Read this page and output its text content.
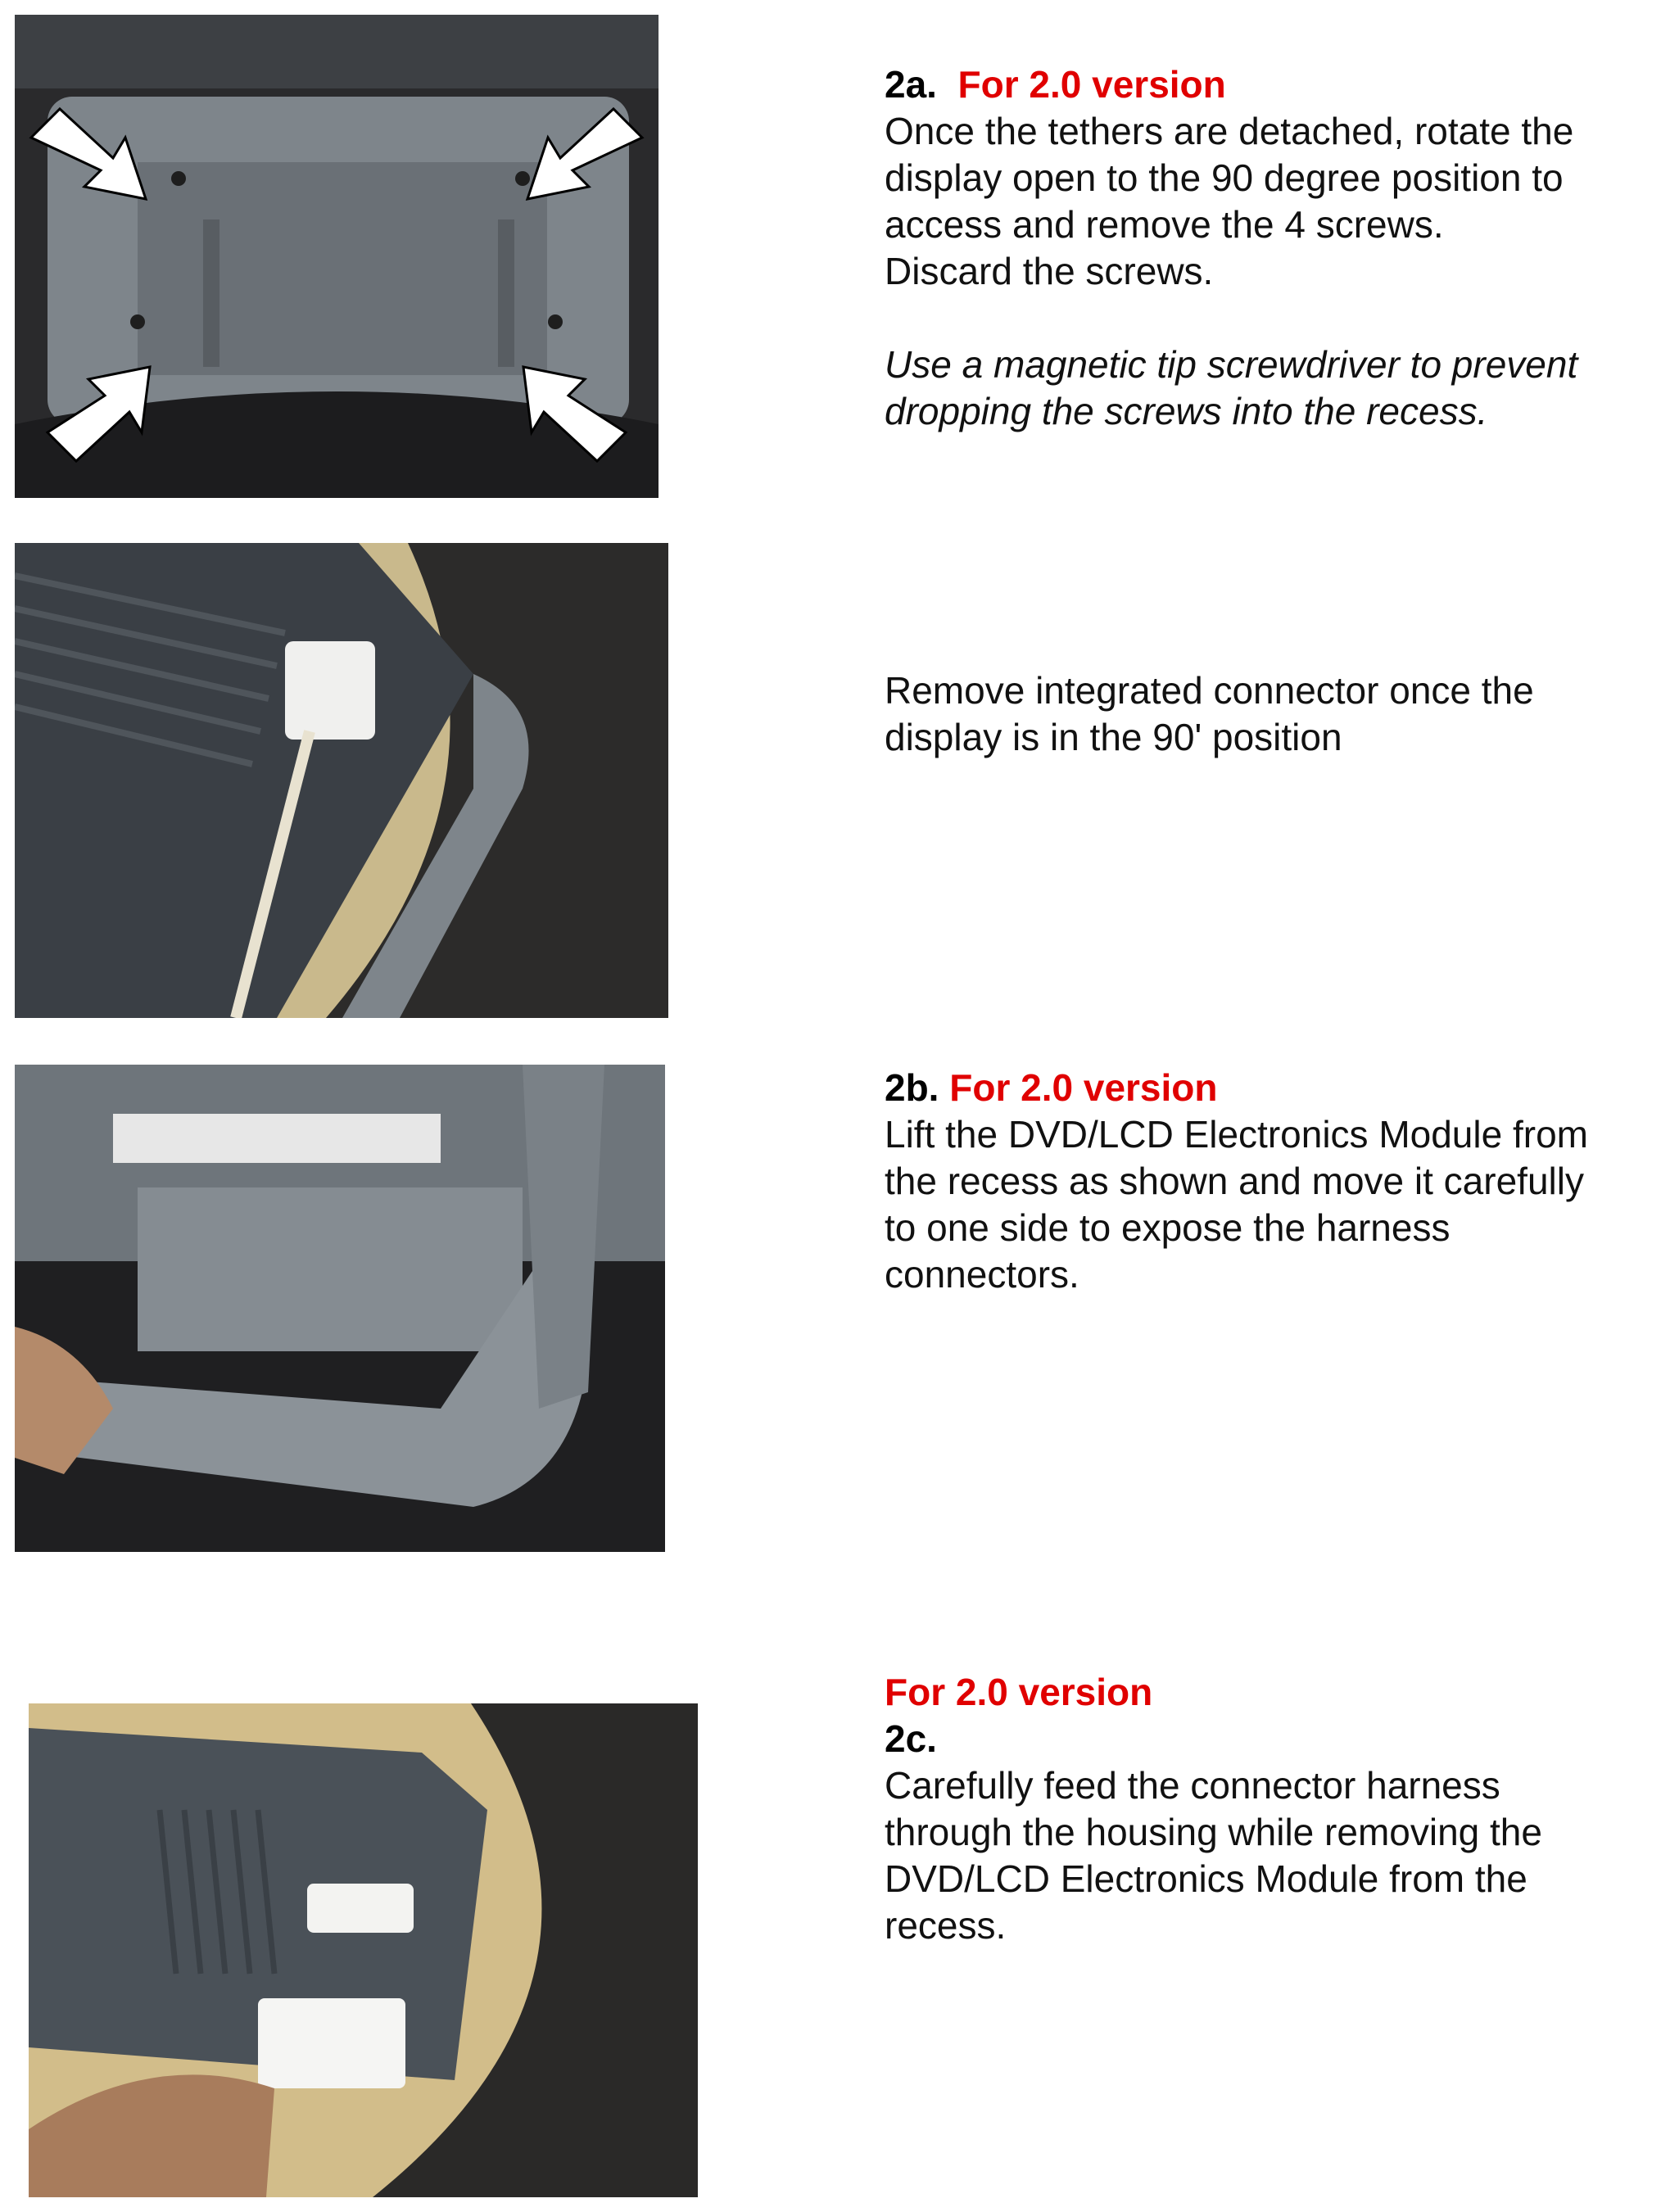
2a. For 2.0 version

Once the tethers are detached, rotate the

display open to the 90 degree position to

access and remove the 4 screws.

Discard the screws.

Use a magnetic tip screwdriver to prevent

dropping the screws into the recess.

Remove integrated connector once the

display is in the 90' position

2b. For 2.0 version

Lift the DVD/LCD Electronics Module from

the recess as shown and move it carefully

to one side to expose the harness

connectors.

For 2.0 version

2c.

Carefully feed the connector harness

through the housing while removing the

DVD/LCD Electronics Module from the

recess.
